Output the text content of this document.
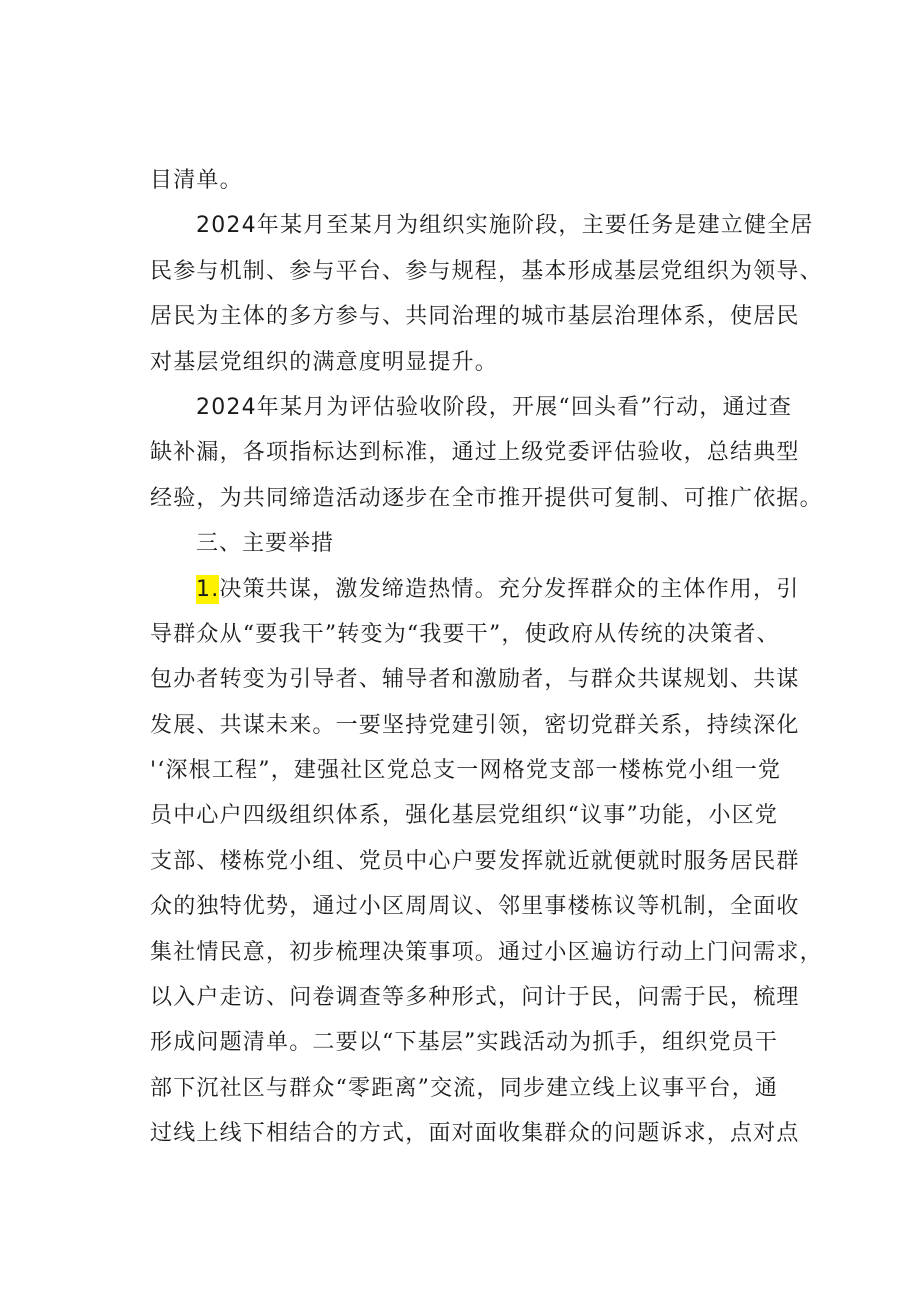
目清单。
2024年某月至某月为组织实施阶段，主要任务是建立健全居
民参与机制、参与平台、参与规程，基本形成基层党组织为领导、
居民为主体的多方参与、共同治理的城市基层治理体系，使居民
对基层党组织的满意度明显提升。
2024年某月为评估验收阶段，开展“回头看”行动，通过查
缺补漏，各项指标达到标准，通过上级党委评估验收，总结典型
经验，为共同缔造活动逐步在全市推开提供可复制、可推广依据。
三、主要举措
1.决策共谋，激发缔造热情。充分发挥群众的主体作用，引
导群众从“要我干”转变为“我要干”，使政府从传统的决策者、
包办者转变为引导者、辅导者和激励者，与群众共谋规划、共谋
发展、共谋未来。一要坚持党建引领，密切党群关系，持续深化
'‘深根工程”，建强社区党总支一网格党支部一楼栋党小组一党
员中心户四级组织体系，强化基层党组织“议事”功能，小区党
支部、楼栋党小组、党员中心户要发挥就近就便就时服务居民群
众的独特优势，通过小区周周议、邻里事楼栋议等机制，全面收
集社情民意，初步梳理决策事项。通过小区遍访行动上门问需求，
以入户走访、问卷调查等多种形式，问计于民，问需于民，梳理
形成问题清单。二要以“下基层”实践活动为抓手，组织党员干
部下沉社区与群众“零距离”交流，同步建立线上议事平台，通
过线上线下相结合的方式，面对面收集群众的问题诉求，点对点
